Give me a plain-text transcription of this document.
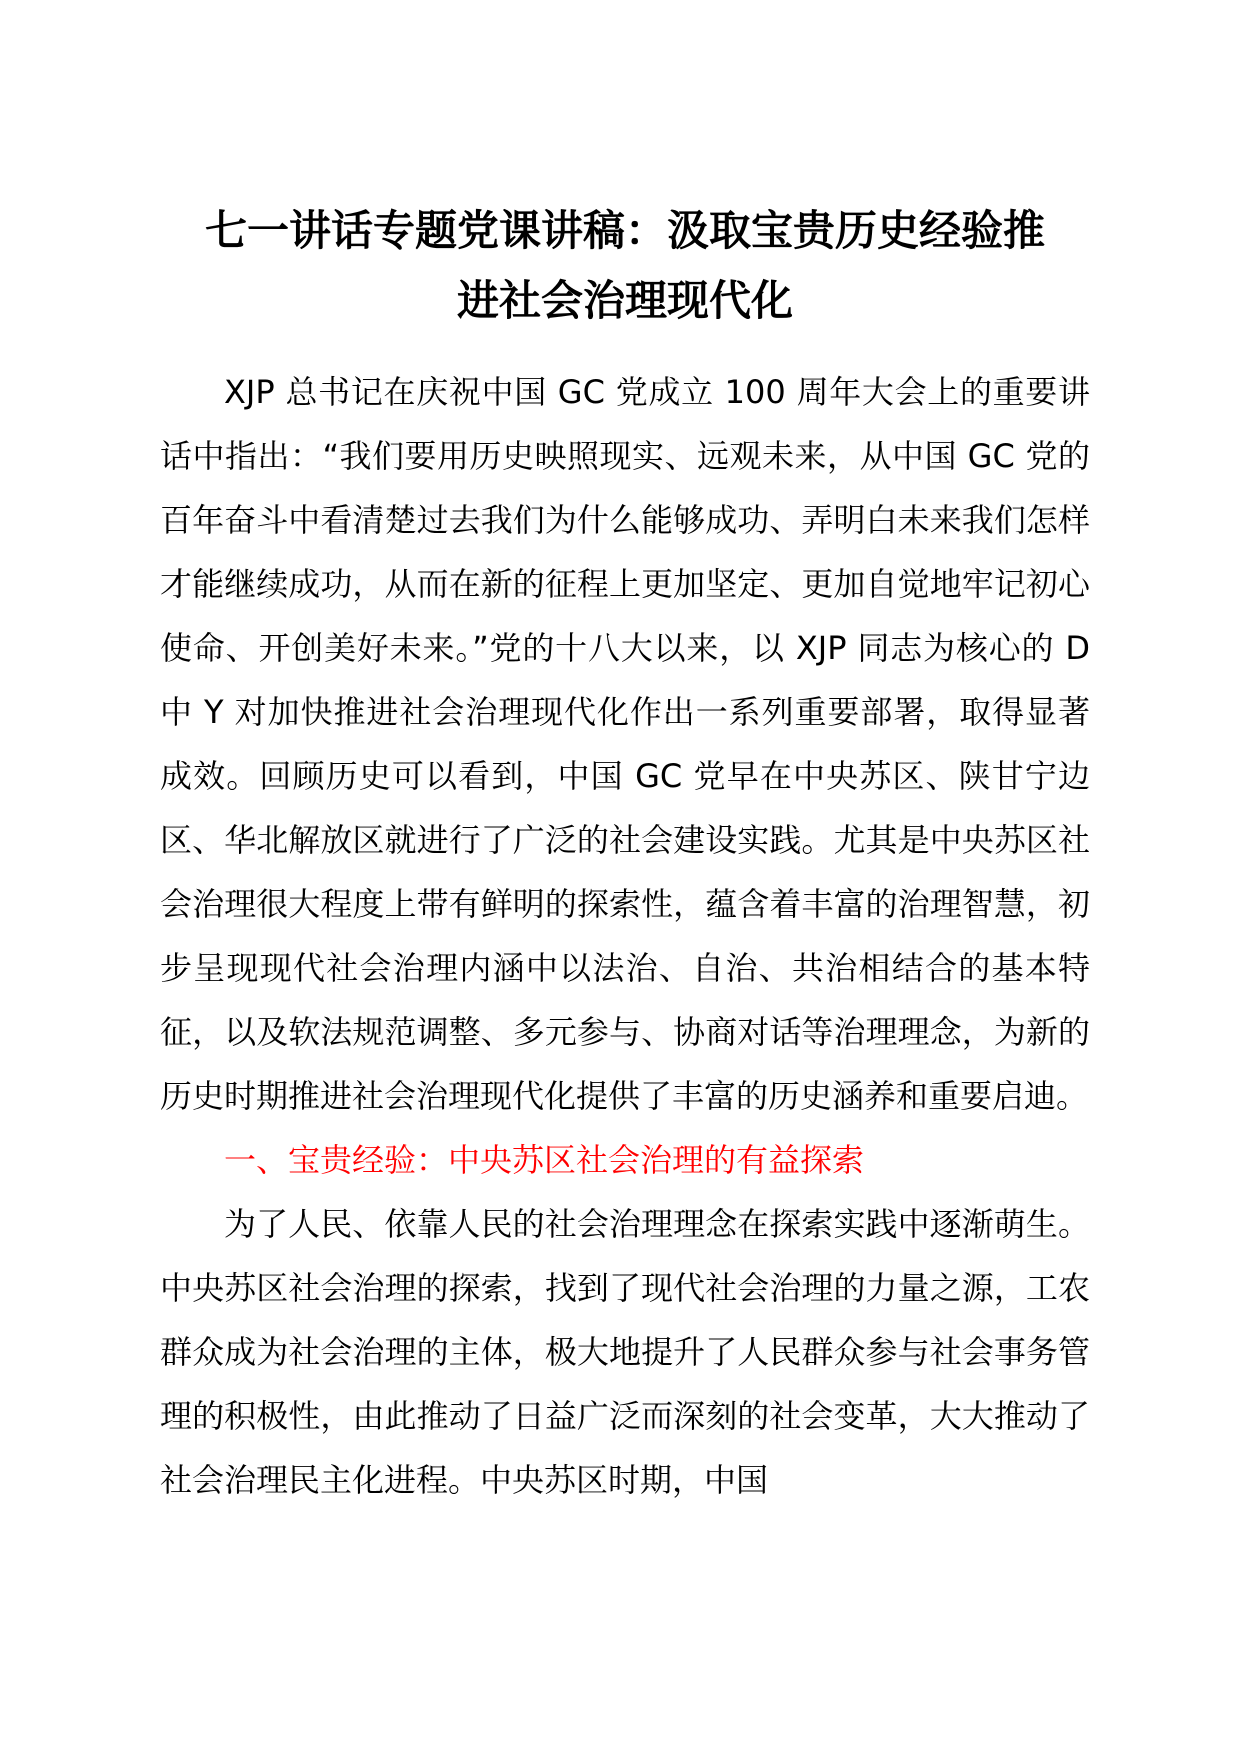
七一讲话专题党课讲稿：汲取宝贵历史经验推
进社会治理现代化

XJP 总书记在庆祝中国 GC 党成立 100 周年大会上的重要讲话中指出：“我们要用历史映照现实、远观未来，从中国 GC 党的百年奋斗中看清楚过去我们为什么能够成功、弄明白未来我们怎样才能继续成功，从而在新的征程上更加坚定、更加自觉地牢记初心使命、开创美好未来。”党的十八大以来，以 XJP 同志为核心的 D 中 Y 对加快推进社会治理现代化作出一系列重要部署，取得显著成效。回顾历史可以看到，中国 GC 党早在中央苏区、陕甘宁边区、华北解放区就进行了广泛的社会建设实践。尤其是中央苏区社会治理很大程度上带有鲜明的探索性，蕴含着丰富的治理智慧，初步呈现现代社会治理内涵中以法治、自治、共治相结合的基本特征，以及软法规范调整、多元参与、协商对话等治理理念，为新的历史时期推进社会治理现代化提供了丰富的历史涵养和重要启迪。

一、宝贵经验：中央苏区社会治理的有益探索

为了人民、依靠人民的社会治理理念在探索实践中逐渐萌生。中央苏区社会治理的探索，找到了现代社会治理的力量之源，工农群众成为社会治理的主体，极大地提升了人民群众参与社会事务管理的积极性，由此推动了日益广泛而深刻的社会变革，大大推动了社会治理民主化进程。中央苏区时期，中国
